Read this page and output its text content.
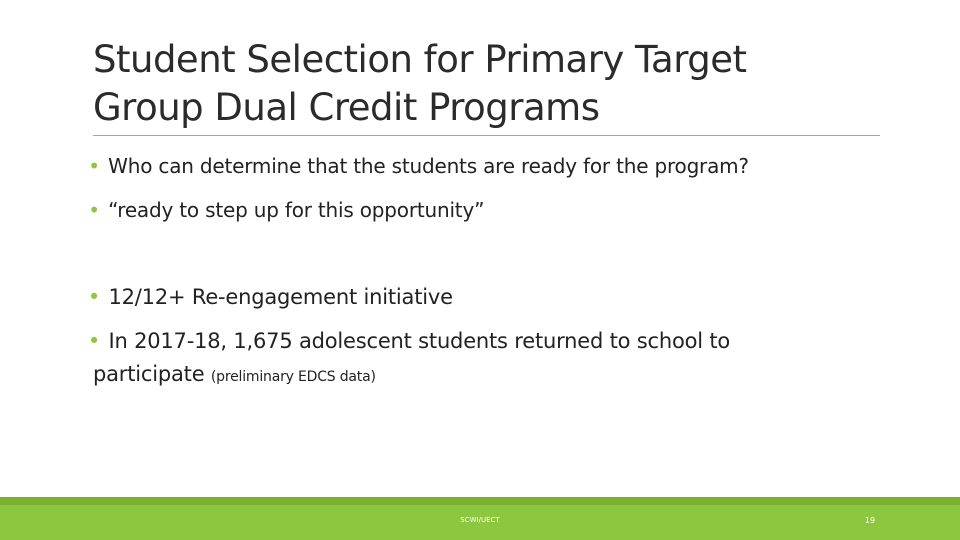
Student Selection for Primary Target
Group Dual Credit Programs
• Who can determine that the students are ready for the program?
• “ready to step up for this opportunity”
• 12/12+ Re-engagement initiative
• In 2017-18, 1,675 adolescent students returned to school to
participate (preliminary EDCS data)
SCWI/UECT	19
